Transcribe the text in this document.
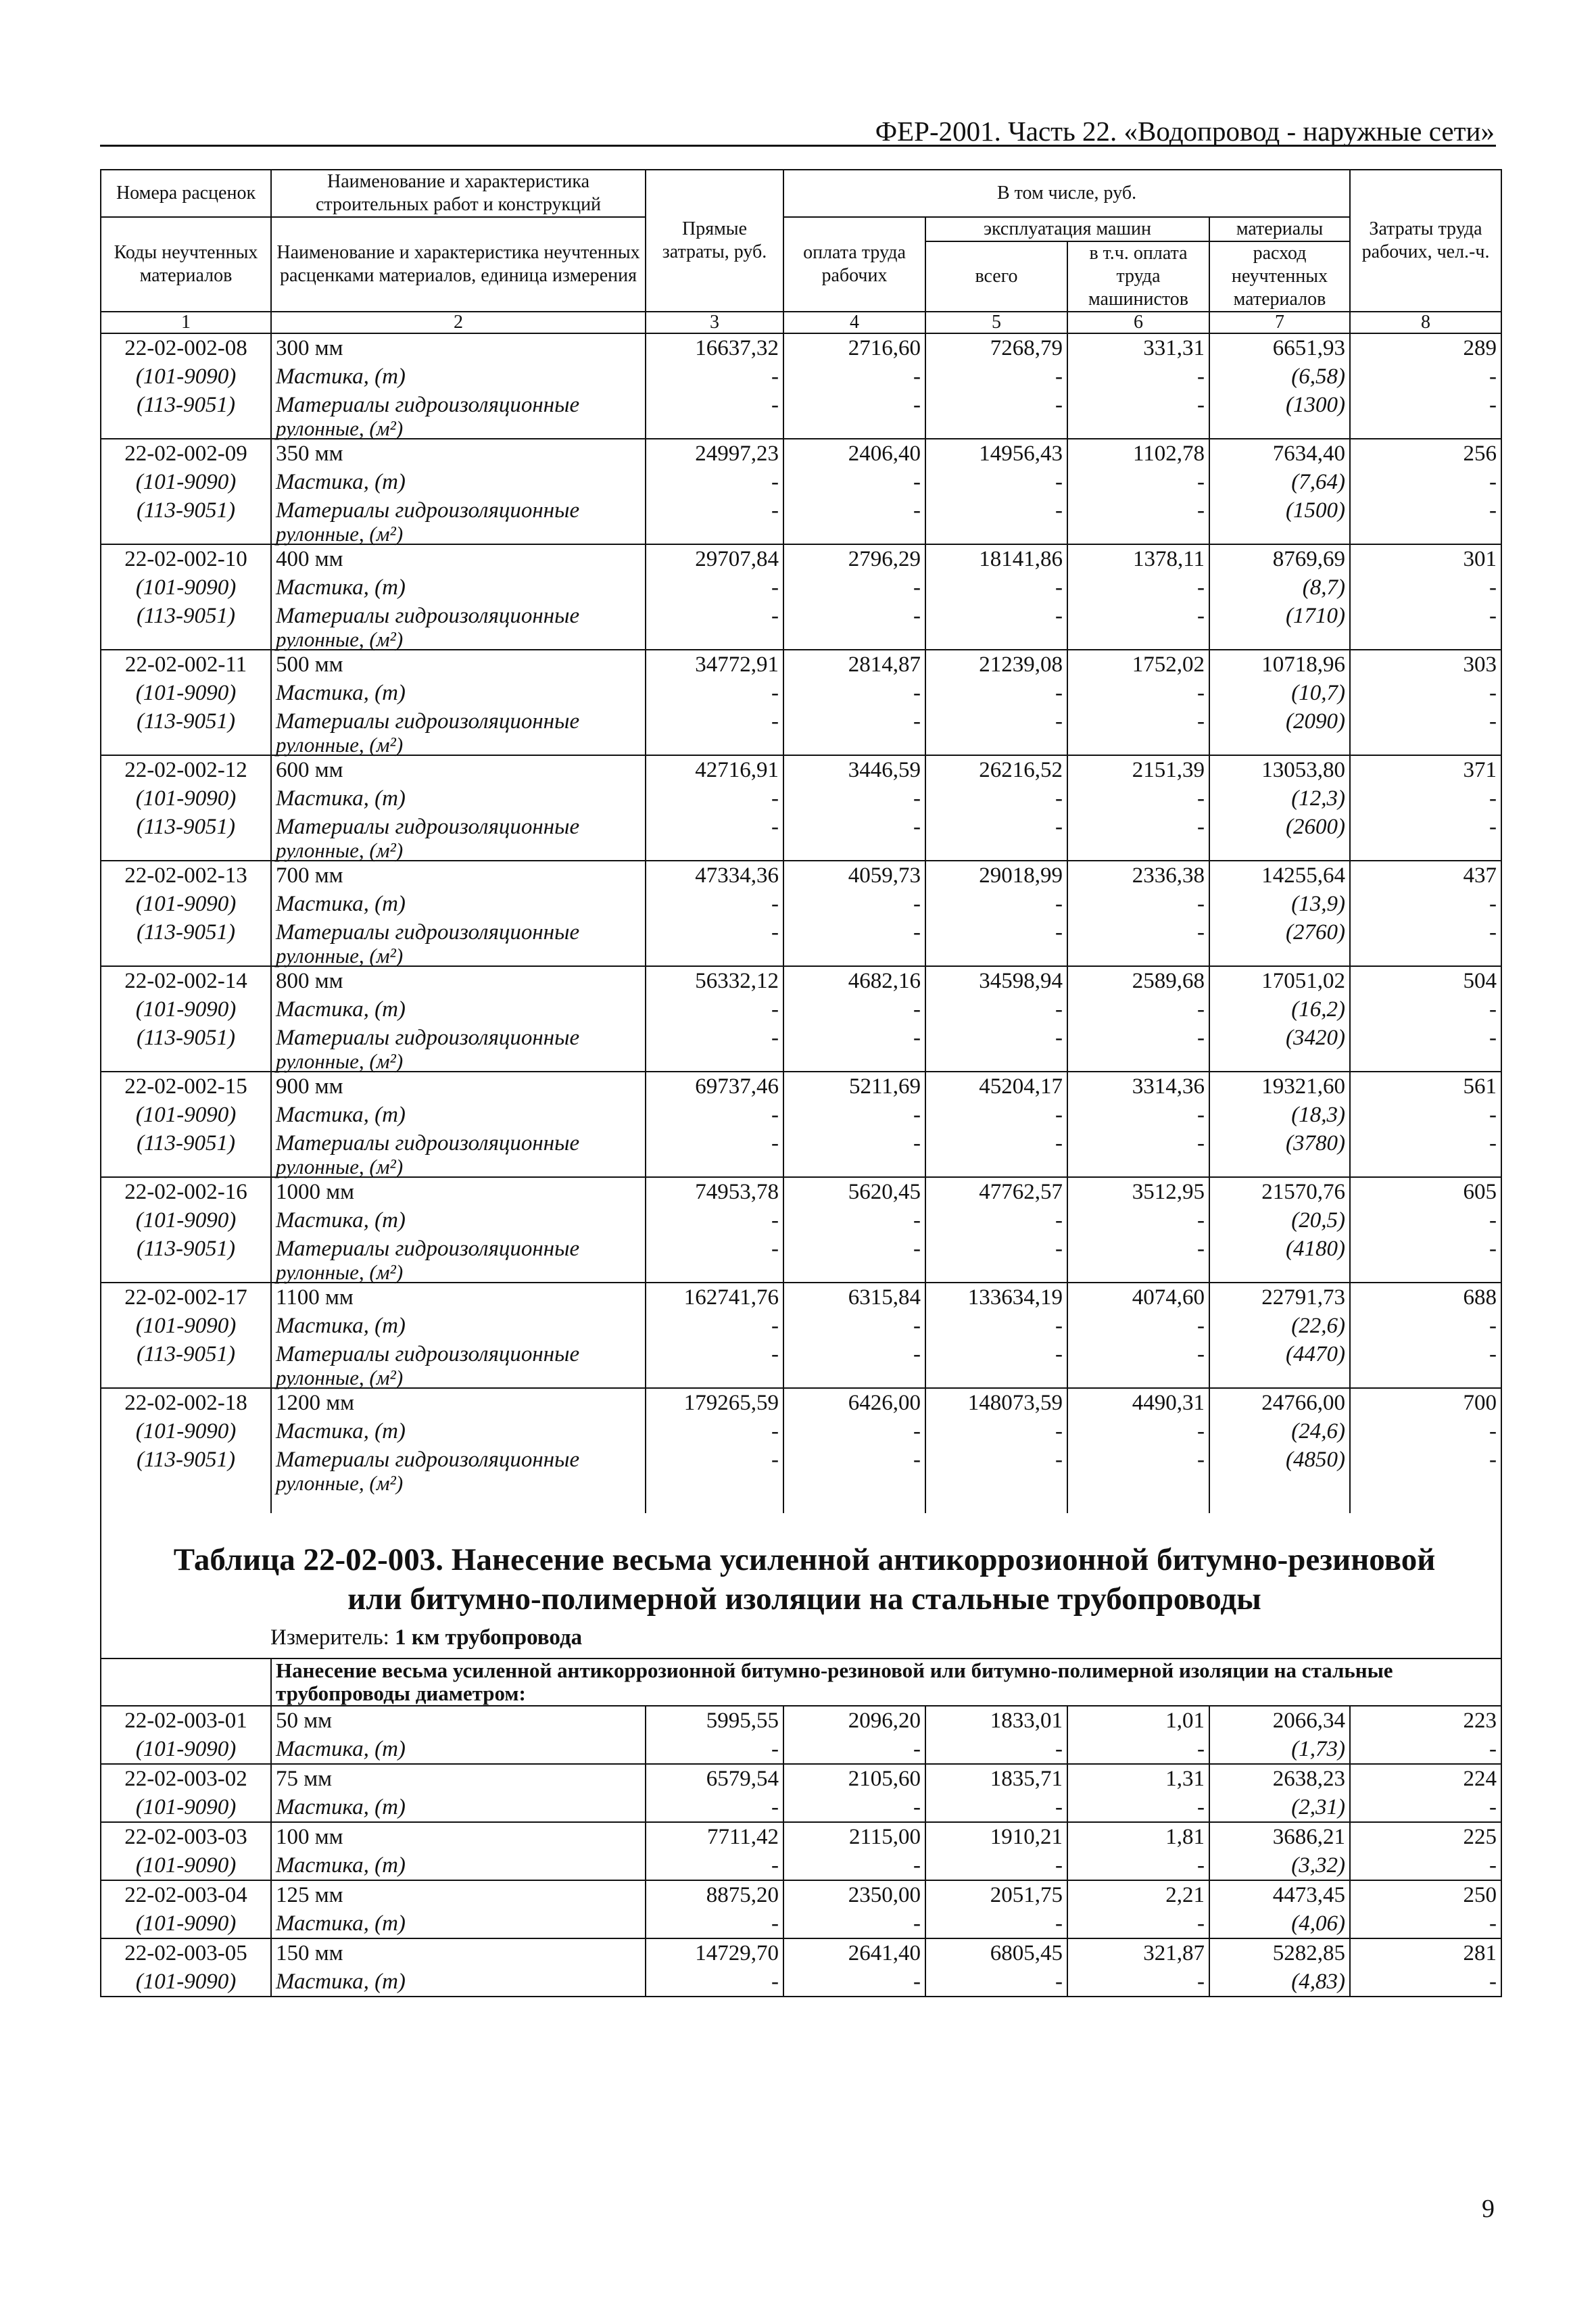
ФЕР-2001. Часть 22. «Водопровод - наружные сети»
Номера расценок	Наименование и характеристика строительных работ и конструкций	Прямые затраты, руб.	В том числе, руб.				Затраты труда рабочих, чел.-ч.
Коды неучтенных материалов	Наименование и характеристика неучтенных расценками материалов, единица измерения		оплата труда рабочих	эксплуатация машин		материалы	
				всего	в т.ч. оплата труда машинистов	расход неучтенных материалов	
1	2	3	4	5	6	7	8
22-02-002-08	300 мм	16637,32	2716,60	7268,79	331,31	6651,93	289
(101-9090)	Мастика, (т)	-	-	-	-	(6,58)	-
(113-9051)	Материалы гидроизоляционные	-	-	-	-	(1300)	-
	рулонные, (м²)						
22-02-002-09	350 мм	24997,23	2406,40	14956,43	1102,78	7634,40	256
(101-9090)	Мастика, (т)	-	-	-	-	(7,64)	-
(113-9051)	Материалы гидроизоляционные	-	-	-	-	(1500)	-
	рулонные, (м²)						
22-02-002-10	400 мм	29707,84	2796,29	18141,86	1378,11	8769,69	301
(101-9090)	Мастика, (т)	-	-	-	-	(8,7)	-
(113-9051)	Материалы гидроизоляционные	-	-	-	-	(1710)	-
	рулонные, (м²)						
22-02-002-11	500 мм	34772,91	2814,87	21239,08	1752,02	10718,96	303
(101-9090)	Мастика, (т)	-	-	-	-	(10,7)	-
(113-9051)	Материалы гидроизоляционные	-	-	-	-	(2090)	-
	рулонные, (м²)						
22-02-002-12	600 мм	42716,91	3446,59	26216,52	2151,39	13053,80	371
(101-9090)	Мастика, (т)	-	-	-	-	(12,3)	-
(113-9051)	Материалы гидроизоляционные	-	-	-	-	(2600)	-
	рулонные, (м²)						
22-02-002-13	700 мм	47334,36	4059,73	29018,99	2336,38	14255,64	437
(101-9090)	Мастика, (т)	-	-	-	-	(13,9)	-
(113-9051)	Материалы гидроизоляционные	-	-	-	-	(2760)	-
	рулонные, (м²)						
22-02-002-14	800 мм	56332,12	4682,16	34598,94	2589,68	17051,02	504
(101-9090)	Мастика, (т)	-	-	-	-	(16,2)	-
(113-9051)	Материалы гидроизоляционные	-	-	-	-	(3420)	-
	рулонные, (м²)						
22-02-002-15	900 мм	69737,46	5211,69	45204,17	3314,36	19321,60	561
(101-9090)	Мастика, (т)	-	-	-	-	(18,3)	-
(113-9051)	Материалы гидроизоляционные	-	-	-	-	(3780)	-
	рулонные, (м²)						
22-02-002-16	1000 мм	74953,78	5620,45	47762,57	3512,95	21570,76	605
(101-9090)	Мастика, (т)	-	-	-	-	(20,5)	-
(113-9051)	Материалы гидроизоляционные	-	-	-	-	(4180)	-
	рулонные, (м²)						
22-02-002-17	1100 мм	162741,76	6315,84	133634,19	4074,60	22791,73	688
(101-9090)	Мастика, (т)	-	-	-	-	(22,6)	-
(113-9051)	Материалы гидроизоляционные	-	-	-	-	(4470)	-
	рулонные, (м²)						
22-02-002-18	1200 мм	179265,59	6426,00	148073,59	4490,31	24766,00	700
(101-9090)	Мастика, (т)	-	-	-	-	(24,6)	-
(113-9051)	Материалы гидроизоляционные	-	-	-	-	(4850)	-
	рулонные, (м²)						

Таблица 22-02-003. Нанесение весьма усиленной антикоррозионной битумно-резиновой
или битумно-полимерной изоляции на стальные трубопроводы
Измеритель: 1 км трубопровода							

	Нанесение весьма усиленной антикоррозионной битумно-резиновой или битумно-полимерной изоляции на стальные трубопроводы диаметром:						
22-02-003-01	50 мм	5995,55	2096,20	1833,01	1,01	2066,34	223
(101-9090)	Мастика, (т)	-	-	-	-	(1,73)	-
22-02-003-02	75 мм	6579,54	2105,60	1835,71	1,31	2638,23	224
(101-9090)	Мастика, (т)	-	-	-	-	(2,31)	-
22-02-003-03	100 мм	7711,42	2115,00	1910,21	1,81	3686,21	225
(101-9090)	Мастика, (т)	-	-	-	-	(3,32)	-
22-02-003-04	125 мм	8875,20	2350,00	2051,75	2,21	4473,45	250
(101-9090)	Мастика, (т)	-	-	-	-	(4,06)	-
22-02-003-05	150 мм	14729,70	2641,40	6805,45	321,87	5282,85	281
(101-9090)	Мастика, (т)	-	-	-	-	(4,83)	-
9
